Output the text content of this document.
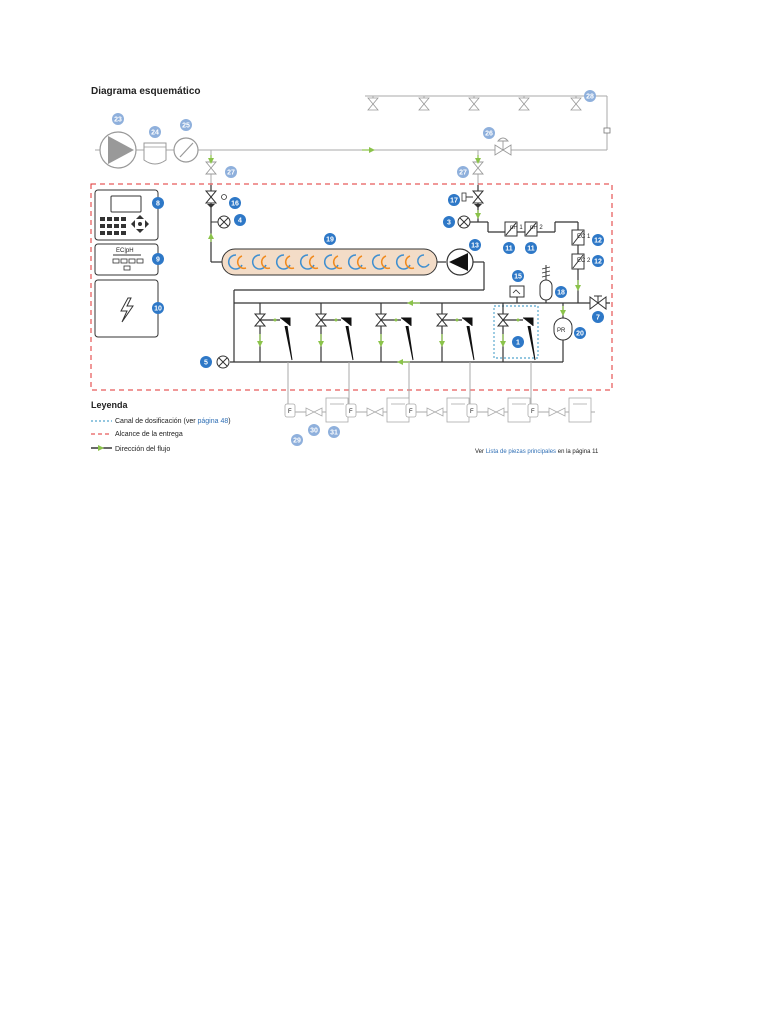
Diagrama esquemático
EC|pH
pH 1 pH 2
EC 1
EC 2
PR
F	F	F	F	F
23
24
25
26
27	27
28
29
30 31
8
9
10
16
4
17
3
19
13	11 11
12
12
15
18
7
20
1
5
Leyenda
Canal de dosificación (ver página 48)
Alcance de la entrega
Dirección del flujo	Ver Lista de piezas principales en la página 11
